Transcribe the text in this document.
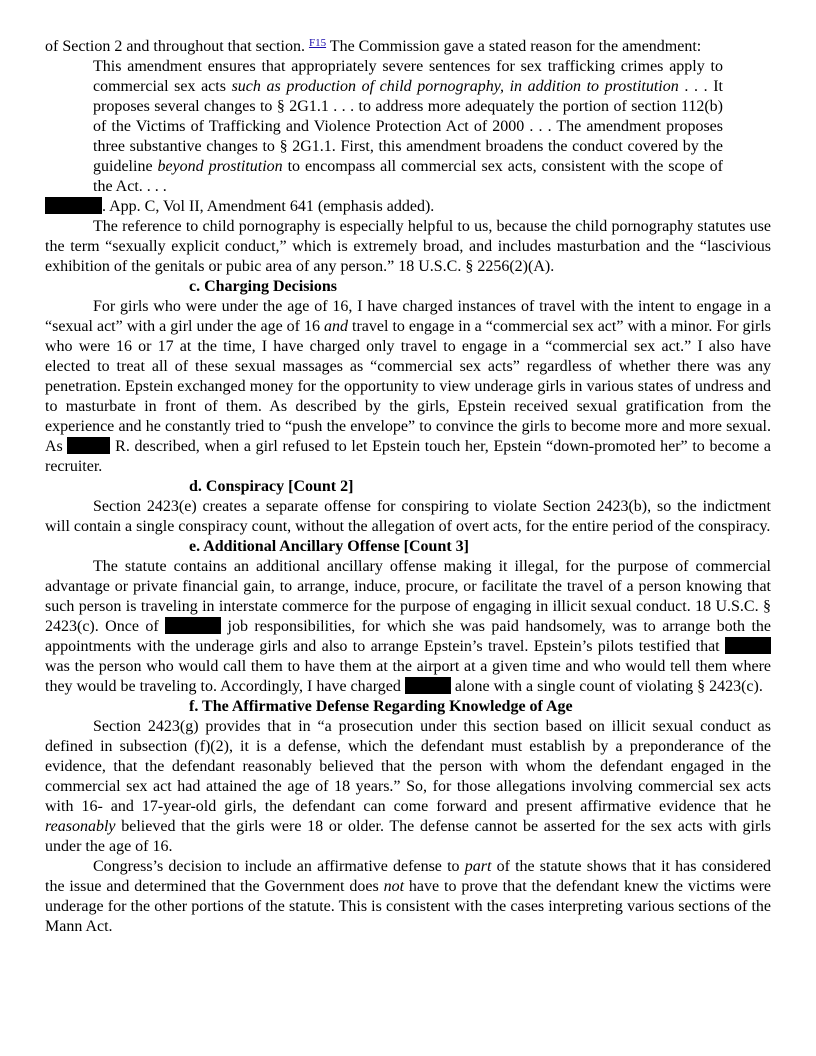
of Section 2 and throughout that section. $^{F15}$ The Commission gave a stated reason for the amendment:

This amendment ensures that appropriately severe sentences for sex trafficking crimes apply to commercial sex acts such as production of child pornography, in addition to prostitution . . . It proposes several changes to § 2G1.1 . . . to address more adequately the portion of section 112(b) of the Victims of Trafficking and Violence Protection Act of 2000 . . . The amendment proposes three substantive changes to § 2G1.1. First, this amendment broadens the conduct covered by the guideline beyond prostitution to encompass all commercial sex acts, consistent with the scope of the Act. . . .

. App. C, Vol II, Amendment 641 (emphasis added).

The reference to child pornography is especially helpful to us, because the child pornography statutes use the term “sexually explicit conduct,” which is extremely broad, and includes masturbation and the “lascivious exhibition of the genitals or pubic area of any person.” 18 U.S.C. § 2256(2)(A).

c. Charging Decisions

For girls who were under the age of 16, I have charged instances of travel with the intent to engage in a “sexual act” with a girl under the age of 16 and travel to engage in a “commercial sex act” with a minor. For girls who were 16 or 17 at the time, I have charged only travel to engage in a “commercial sex act.” I also have elected to treat all of these sexual massages as “commercial sex acts” regardless of whether there was any penetration. Epstein exchanged money for the opportunity to view underage girls in various states of undress and to masturbate in front of them. As described by the girls, Epstein received sexual gratification from the experience and he constantly tried to “push the envelope” to convince the girls to become more and more sexual. As	R. described, when a girl refused to let Epstein touch her, Epstein “down-promoted her” to become a recruiter.

d. Conspiracy [Count 2]

Section 2423(e) creates a separate offense for conspiring to violate Section 2423(b), so the indictment will contain a single conspiracy count, without the allegation of overt acts, for the entire period of the conspiracy.

e. Additional Ancillary Offense [Count 3]

The statute contains an additional ancillary offense making it illegal, for the purpose of commercial advantage or private financial gain, to arrange, induce, procure, or facilitate the travel of a person knowing that such person is traveling in interstate commerce for the purpose of engaging in illicit sexual conduct. 18 U.S.C. § 2423(c). Once of	job responsibilities, for which she was paid handsomely, was to arrange both the appointments with the underage girls and also to arrange Epstein’s travel. Epstein’s pilots testified that  was the person who would call them to have them at the airport at a given time and who would tell them where they would be traveling to. Accordingly, I have charged	alone with a single count of violating § 2423(c).

f. The Affirmative Defense Regarding Knowledge of Age

Section 2423(g) provides that in “a prosecution under this section based on illicit sexual conduct as defined in subsection (f)(2), it is a defense, which the defendant must establish by a preponderance of the evidence, that the defendant reasonably believed that the person with whom the defendant engaged in the commercial sex act had attained the age of 18 years.” So, for those allegations involving commercial sex acts with 16- and 17-year-old girls, the defendant can come forward and present affirmative evidence that he reasonably believed that the girls were 18 or older. The defense cannot be asserted for the sex acts with girls under the age of 16.

Congress’s decision to include an affirmative defense to part of the statute shows that it has considered the issue and determined that the Government does not have to prove that the defendant knew the victims were underage for the other portions of the statute. This is consistent with the cases interpreting various sections of the Mann Act.
